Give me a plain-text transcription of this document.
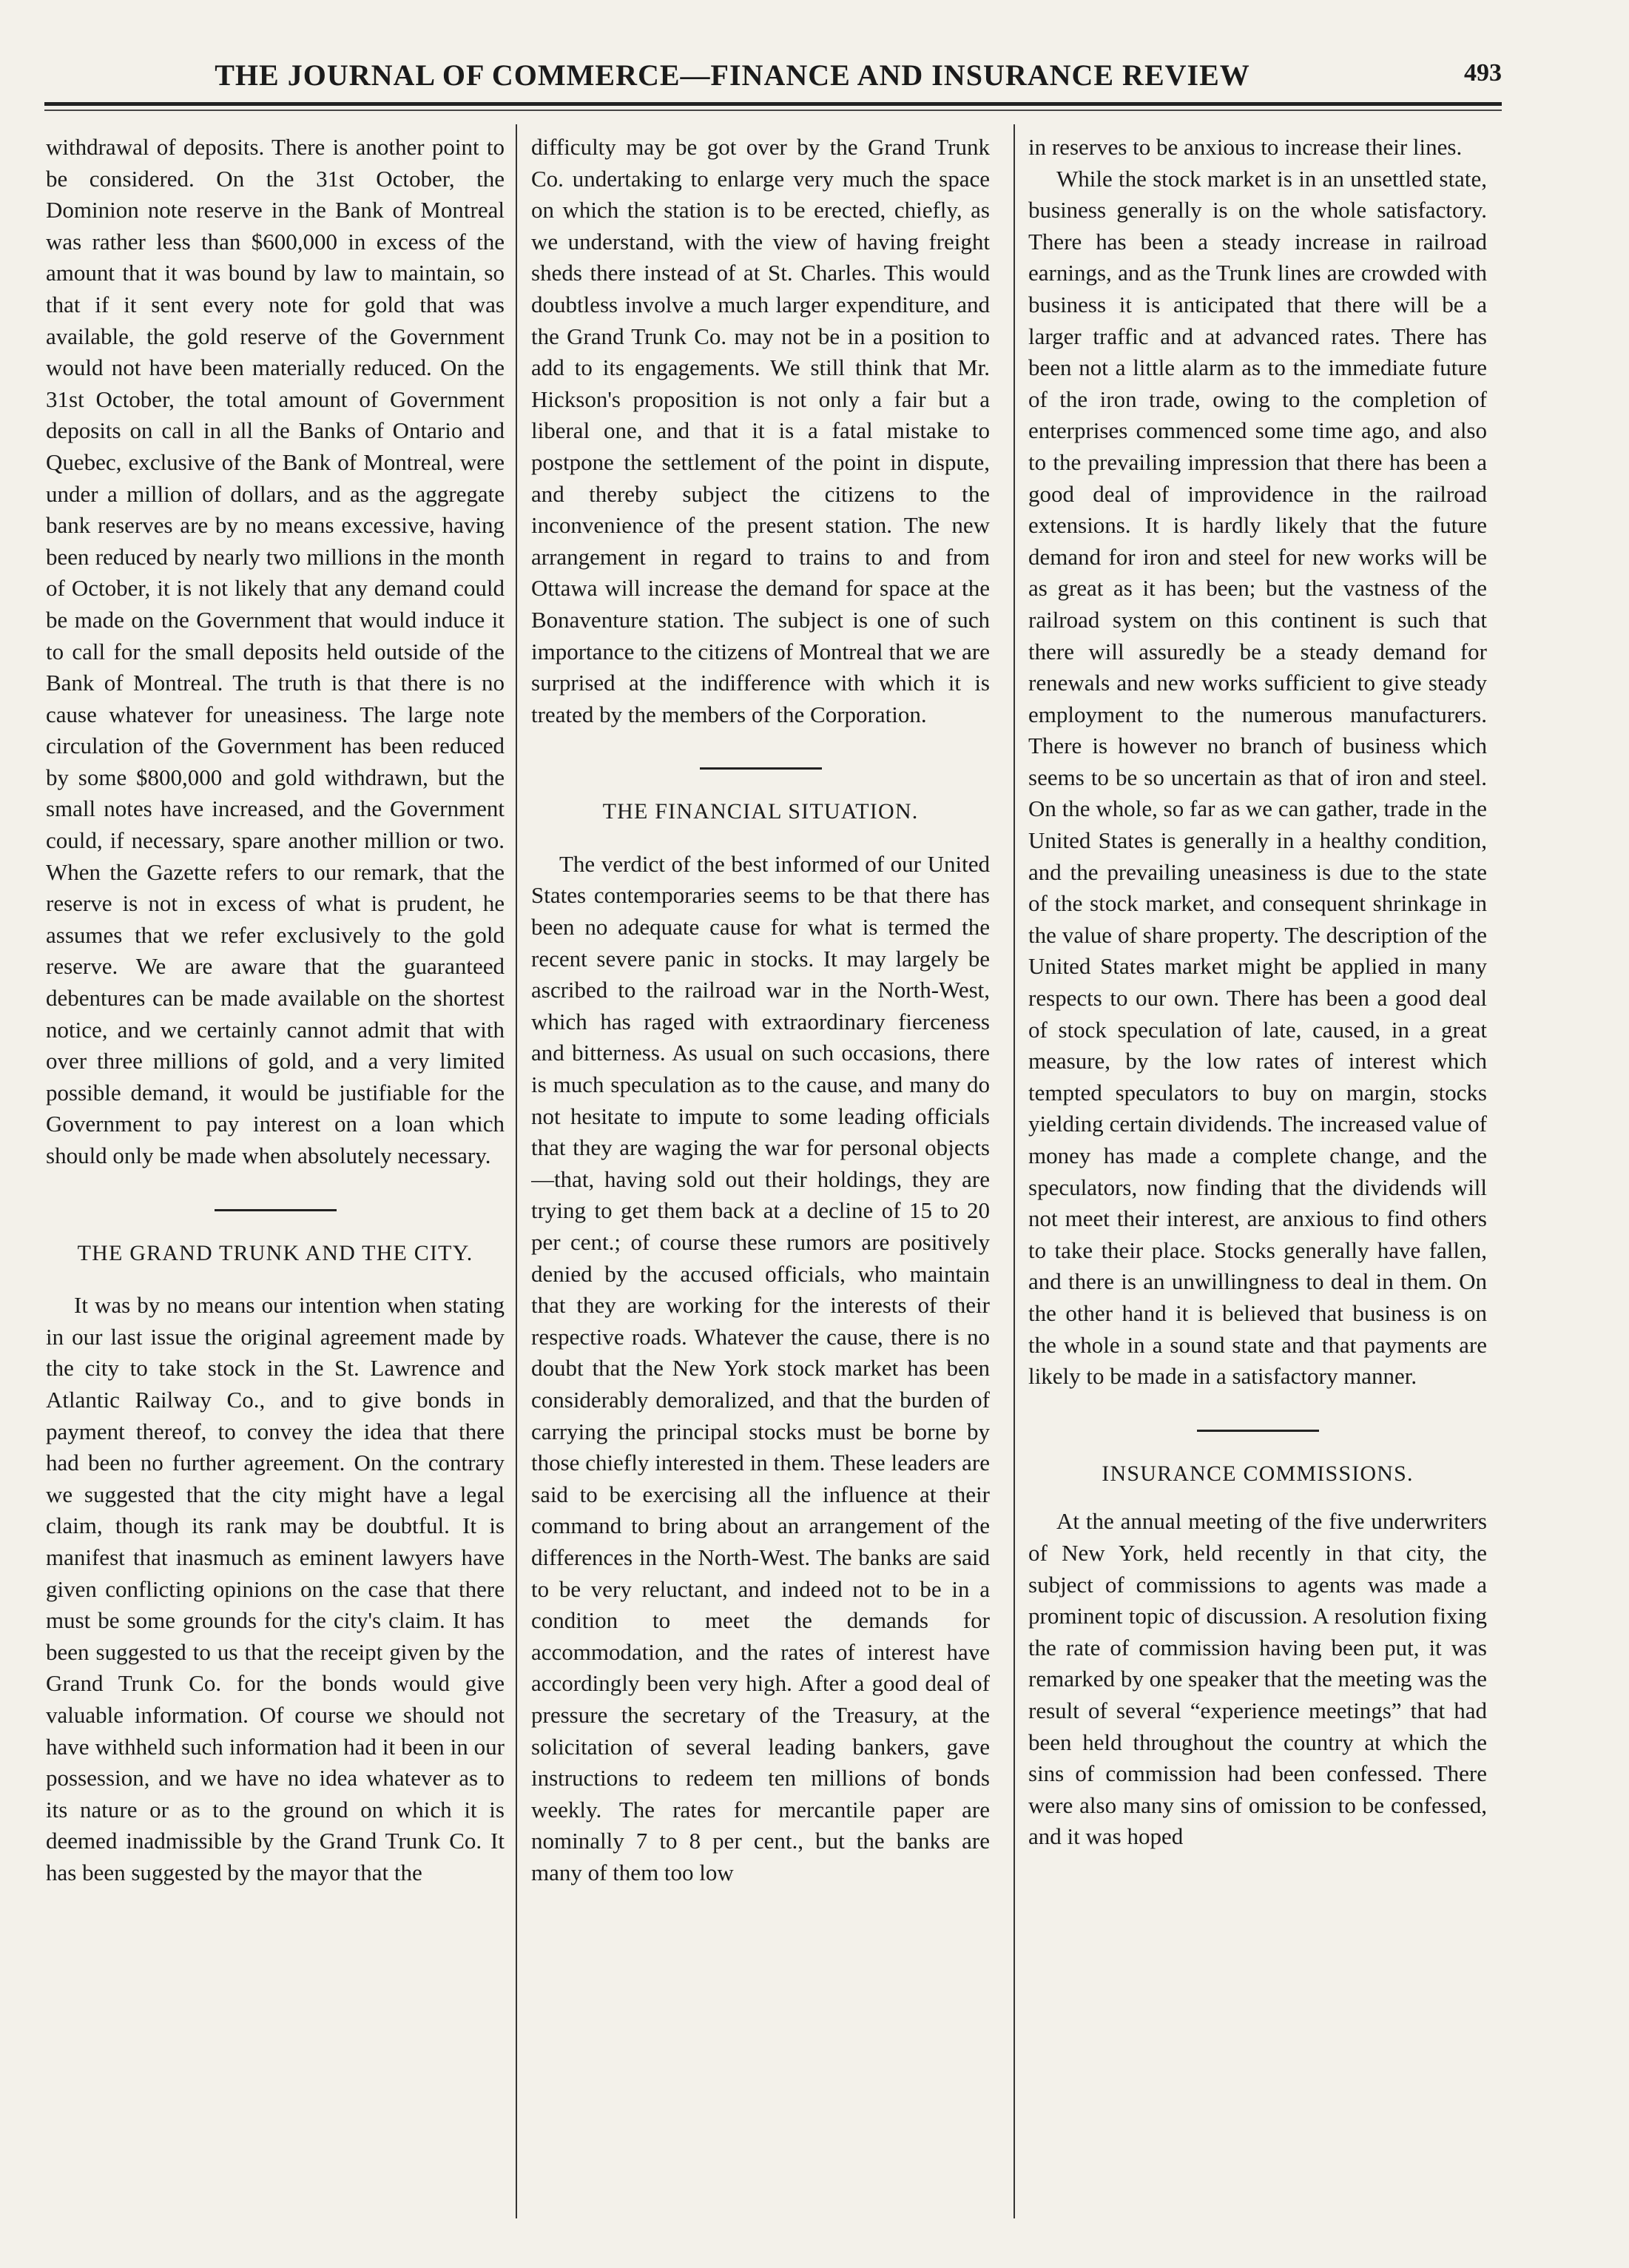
THE JOURNAL OF COMMERCE—FINANCE AND INSURANCE REVIEW	493

withdrawal of deposits. There is another point to be considered. On the 31st October, the Dominion note reserve in the Bank of Montreal was rather less than $600,000 in excess of the amount that it was bound by law to maintain, so that if it sent every note for gold that was available, the gold reserve of the Government would not have been materially reduced. On the 31st October, the total amount of Government deposits on call in all the Banks of Ontario and Quebec, exclusive of the Bank of Montreal, were under a million of dollars, and as the aggregate bank reserves are by no means excessive, having been reduced by nearly two millions in the month of October, it is not likely that any demand could be made on the Government that would induce it to call for the small deposits held outside of the Bank of Montreal. The truth is that there is no cause whatever for uneasiness. The large note circulation of the Government has been reduced by some $800,000 and gold withdrawn, but the small notes have increased, and the Government could, if necessary, spare another million or two. When the Gazette refers to our remark, that the reserve is not in excess of what is prudent, he assumes that we refer exclusively to the gold reserve. We are aware that the guaranteed debentures can be made available on the shortest notice, and we certainly cannot admit that with over three millions of gold, and a very limited possible demand, it would be justifiable for the Government to pay interest on a loan which should only be made when absolutely necessary.

THE GRAND TRUNK AND THE CITY.

It was by no means our intention when stating in our last issue the original agreement made by the city to take stock in the St. Lawrence and Atlantic Railway Co., and to give bonds in payment thereof, to convey the idea that there had been no further agreement. On the contrary we suggested that the city might have a legal claim, though its rank may be doubtful. It is manifest that inasmuch as eminent lawyers have given conflicting opinions on the case that there must be some grounds for the city's claim. It has been suggested to us that the receipt given by the Grand Trunk Co. for the bonds would give valuable information. Of course we should not have withheld such information had it been in our possession, and we have no idea whatever as to its nature or as to the ground on which it is deemed inadmissible by the Grand Trunk Co. It has been suggested by the mayor that the

difficulty may be got over by the Grand Trunk Co. undertaking to enlarge very much the space on which the station is to be erected, chiefly, as we understand, with the view of having freight sheds there instead of at St. Charles. This would doubtless involve a much larger expenditure, and the Grand Trunk Co. may not be in a position to add to its engagements. We still think that Mr. Hickson's proposition is not only a fair but a liberal one, and that it is a fatal mistake to postpone the settlement of the point in dispute, and thereby subject the citizens to the inconvenience of the present station. The new arrangement in regard to trains to and from Ottawa will increase the demand for space at the Bonaventure station. The subject is one of such importance to the citizens of Montreal that we are surprised at the indifference with which it is treated by the members of the Corporation.

THE FINANCIAL SITUATION.

The verdict of the best informed of our United States contemporaries seems to be that there has been no adequate cause for what is termed the recent severe panic in stocks. It may largely be ascribed to the railroad war in the North-West, which has raged with extraordinary fierceness and bitterness. As usual on such occasions, there is much speculation as to the cause, and many do not hesitate to impute to some leading officials that they are waging the war for personal objects—that, having sold out their holdings, they are trying to get them back at a decline of 15 to 20 per cent.; of course these rumors are positively denied by the accused officials, who maintain that they are working for the interests of their respective roads. Whatever the cause, there is no doubt that the New York stock market has been considerably demoralized, and that the burden of carrying the principal stocks must be borne by those chiefly interested in them. These leaders are said to be exercising all the influence at their command to bring about an arrangement of the differences in the North-West. The banks are said to be very reluctant, and indeed not to be in a condition to meet the demands for accommodation, and the rates of interest have accordingly been very high. After a good deal of pressure the secretary of the Treasury, at the solicitation of several leading bankers, gave instructions to redeem ten millions of bonds weekly. The rates for mercantile paper are nominally 7 to 8 per cent., but the banks are many of them too low

in reserves to be anxious to increase their lines.

While the stock market is in an unsettled state, business generally is on the whole satisfactory. There has been a steady increase in railroad earnings, and as the Trunk lines are crowded with business it is anticipated that there will be a larger traffic and at advanced rates. There has been not a little alarm as to the immediate future of the iron trade, owing to the completion of enterprises commenced some time ago, and also to the prevailing impression that there has been a good deal of improvidence in the railroad extensions. It is hardly likely that the future demand for iron and steel for new works will be as great as it has been; but the vastness of the railroad system on this continent is such that there will assuredly be a steady demand for renewals and new works sufficient to give steady employment to the numerous manufacturers. There is however no branch of business which seems to be so uncertain as that of iron and steel. On the whole, so far as we can gather, trade in the United States is generally in a healthy condition, and the prevailing uneasiness is due to the state of the stock market, and consequent shrinkage in the value of share property. The description of the United States market might be applied in many respects to our own. There has been a good deal of stock speculation of late, caused, in a great measure, by the low rates of interest which tempted speculators to buy on margin, stocks yielding certain dividends. The increased value of money has made a complete change, and the speculators, now finding that the dividends will not meet their interest, are anxious to find others to take their place. Stocks generally have fallen, and there is an unwillingness to deal in them. On the other hand it is believed that business is on the whole in a sound state and that payments are likely to be made in a satisfactory manner.

INSURANCE COMMISSIONS.

At the annual meeting of the five underwriters of New York, held recently in that city, the subject of commissions to agents was made a prominent topic of discussion. A resolution fixing the rate of commission having been put, it was remarked by one speaker that the meeting was the result of several “experience meetings” that had been held throughout the country at which the sins of commission had been confessed. There were also many sins of omission to be confessed, and it was hoped
